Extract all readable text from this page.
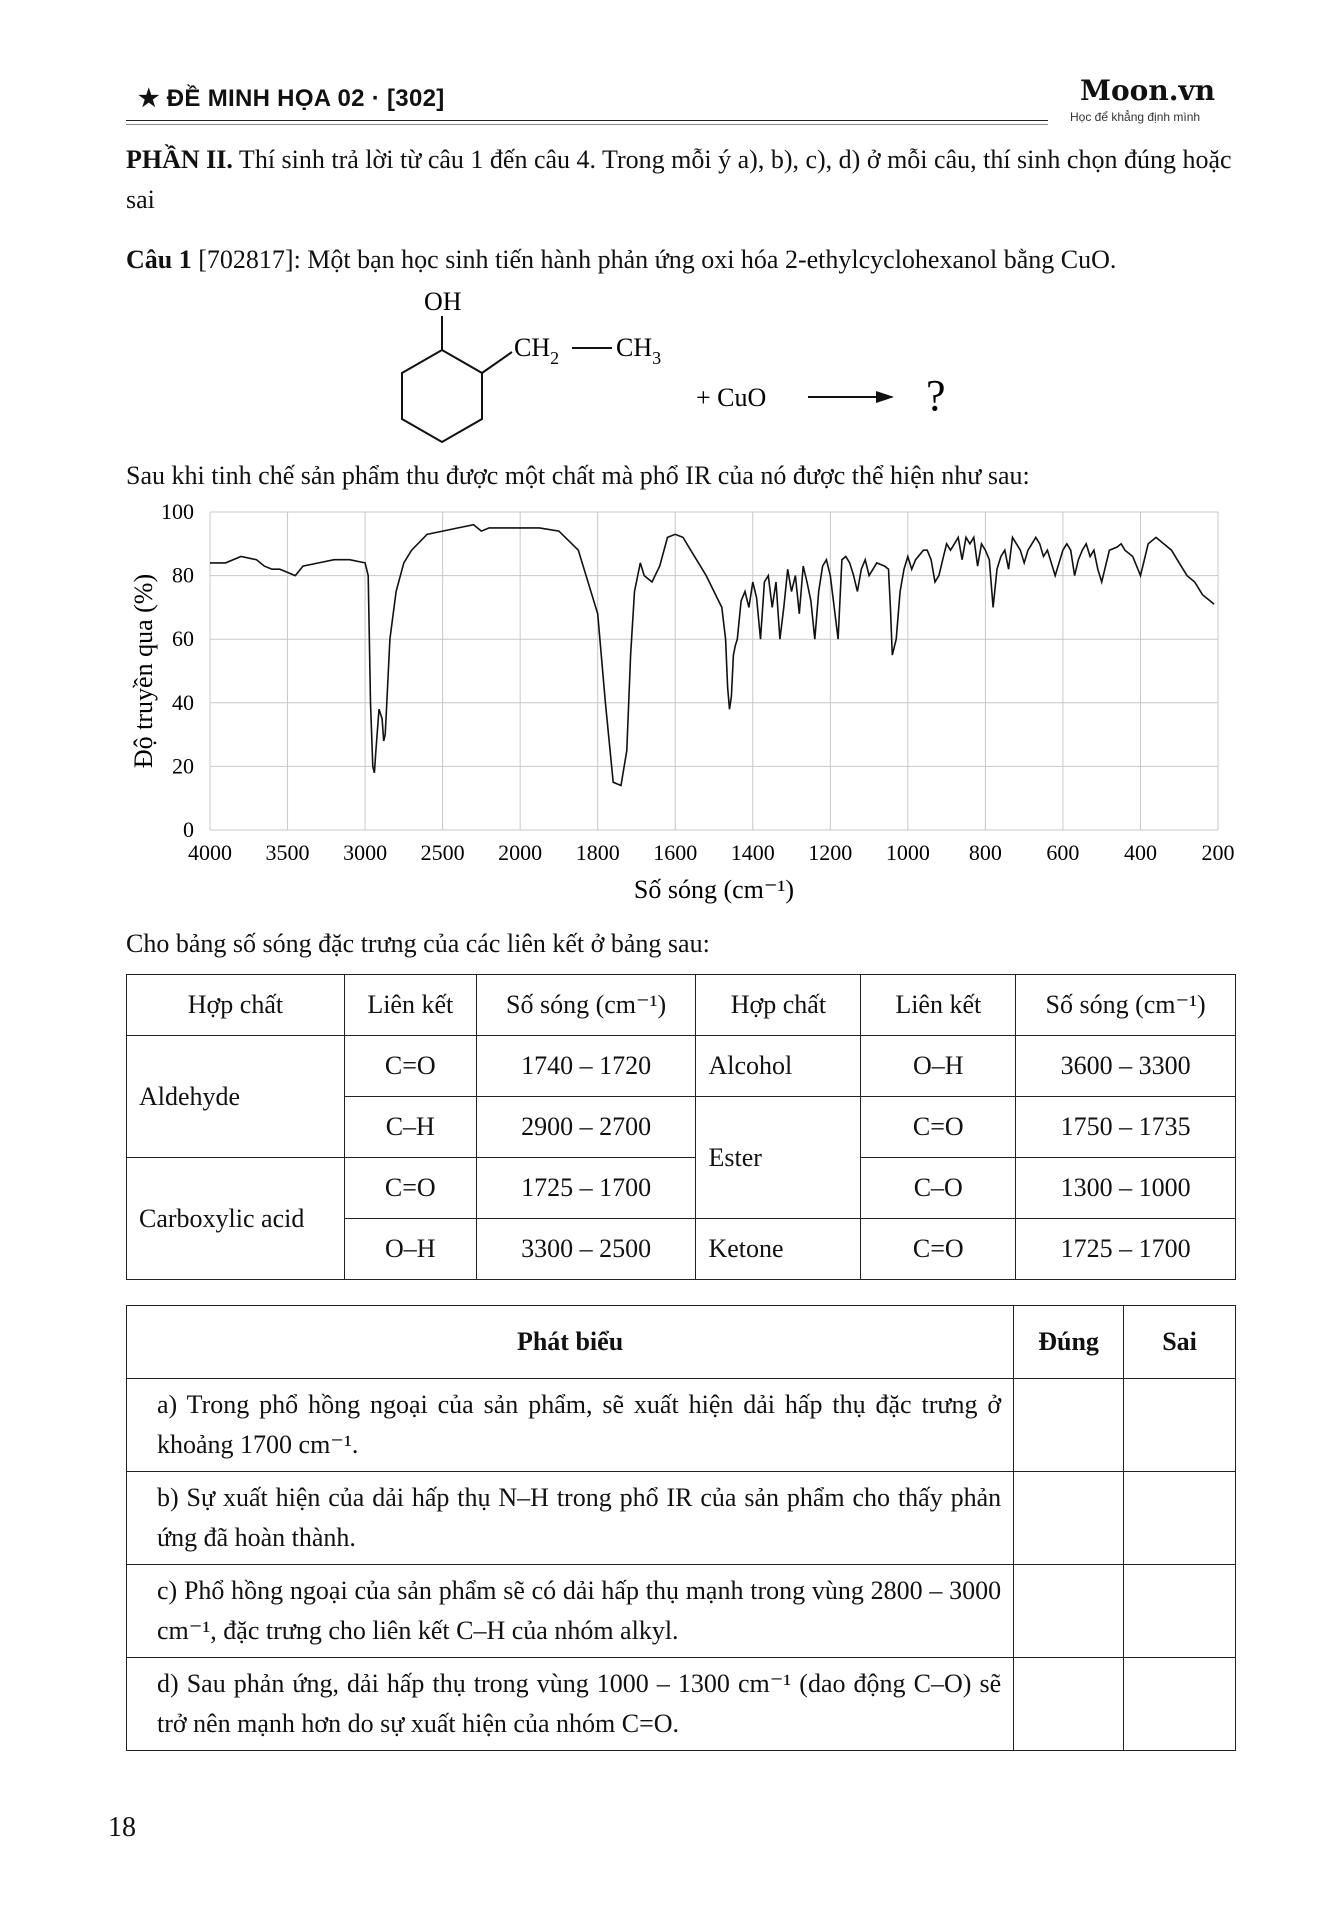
★ ĐỀ MINH HỌA 02 · [302]	Moon.vn
Học để khẳng định mình
PHẦN II. Thí sinh trả lời từ câu 1 đến câu 4. Trong mỗi ý a), b), c), d) ở mỗi câu, thí sinh chọn đúng hoặc sai
Câu 1 [702817]: Một bạn học sinh tiến hành phản ứng oxi hóa 2-ethylcyclohexanol bằng CuO.
OH
$CH_2$ $CH_3$
+ CuO	?
Sau khi tinh chế sản phẩm thu được một chất mà phổ IR của nó được thể hiện như sau:
4000 3500 3000 2500 2000 1800 1600 1400 1200 1000 800 600 400 200
0
20
40
60
80
100
Số sóng (cm⁻¹)
Độ truyền qua (%)
Cho bảng số sóng đặc trưng của các liên kết ở bảng sau:
Hợp chất	Liên kết	Số sóng (cm⁻¹)	Hợp chất	Liên kết	Số sóng (cm⁻¹)
Aldehyde	C=O	1740 – 1720	Alcohol	O–H	3600 – 3300
	C–H	2900 – 2700	Ester	C=O	1750 – 1735
Carboxylic acid	C=O	1725 – 1700		C–O	1300 – 1000
	O–H	3300 – 2500	Ketone	C=O	1725 – 1700
Phát biểu	Đúng	Sai
a) Trong phổ hồng ngoại của sản phẩm, sẽ xuất hiện dải hấp thụ đặc trưng ở khoảng 1700 cm⁻¹.		
b) Sự xuất hiện của dải hấp thụ N–H trong phổ IR của sản phẩm cho thấy phản ứng đã hoàn thành.		
c) Phổ hồng ngoại của sản phẩm sẽ có dải hấp thụ mạnh trong vùng 2800 – 3000 cm⁻¹, đặc trưng cho liên kết C–H của nhóm alkyl.		
d) Sau phản ứng, dải hấp thụ trong vùng 1000 – 1300 cm⁻¹ (dao động C–O) sẽ trở nên mạnh hơn do sự xuất hiện của nhóm C=O.		
18
